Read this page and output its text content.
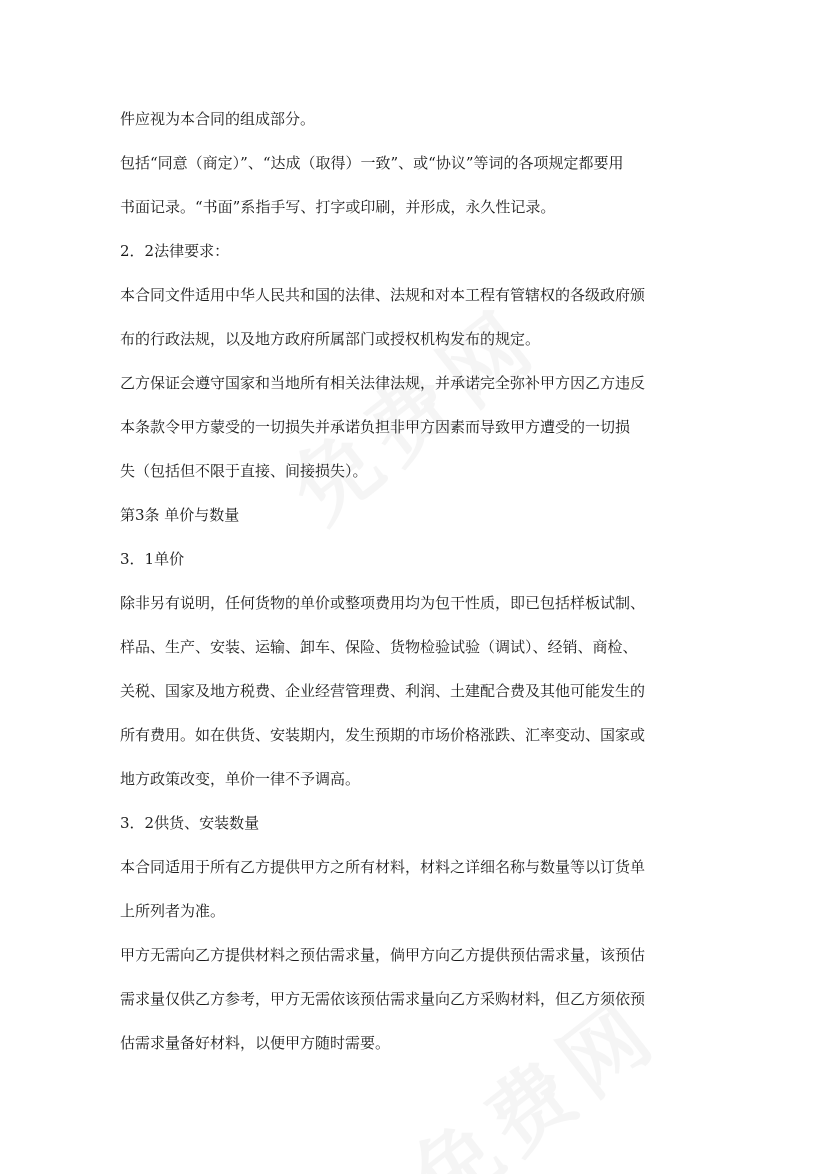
件应视为本合同的组成部分。
包括“同意（商定）”、“达成（取得）一致”、或“协议”等词的各项规定都要用
书面记录。“书面”系指手写、打字或印刷，并形成，永久性记录。
2．2法律要求：
本合同文件适用中华人民共和国的法律、法规和对本工程有管辖权的各级政府颁
布的行政法规，以及地方政府所属部门或授权机构发布的规定。
乙方保证会遵守国家和当地所有相关法律法规，并承诺完全弥补甲方因乙方违反
本条款令甲方蒙受的一切损失并承诺负担非甲方因素而导致甲方遭受的一切损
失（包括但不限于直接、间接损失）。
第3条 单价与数量
3．1单价
除非另有说明，任何货物的单价或整项费用均为包干性质，即已包括样板试制、
样品、生产、安装、运输、卸车、保险、货物检验试验（调试）、经销、商检、
关税、国家及地方税费、企业经营管理费、利润、土建配合费及其他可能发生的
所有费用。如在供货、安装期内，发生预期的市场价格涨跌、汇率变动、国家或
地方政策改变，单价一律不予调高。
3．2供货、安装数量
本合同适用于所有乙方提供甲方之所有材料，材料之详细名称与数量等以订货单
上所列者为准。
甲方无需向乙方提供材料之预估需求量，倘甲方向乙方提供预估需求量，该预估
需求量仅供乙方参考，甲方无需依该预估需求量向乙方采购材料，但乙方须依预
估需求量备好材料，以便甲方随时需要。
